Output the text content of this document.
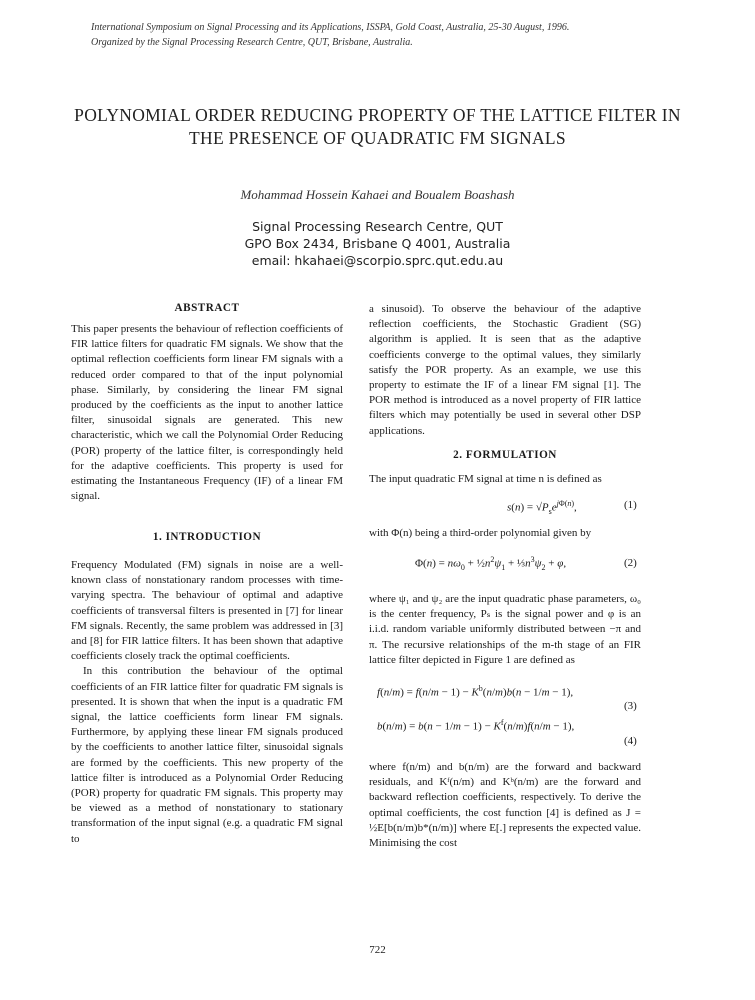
International Symposium on Signal Processing and its Applications, ISSPA, Gold Coast, Australia, 25-30 August, 1996.
Organized by the Signal Processing Research Centre, QUT, Brisbane, Australia.
POLYNOMIAL ORDER REDUCING PROPERTY OF THE LATTICE FILTER IN THE PRESENCE OF QUADRATIC FM SIGNALS
Mohammad Hossein Kahaei and Boualem Boashash
Signal Processing Research Centre, QUT
GPO Box 2434, Brisbane Q 4001, Australia
email: hkahaei@scorpio.sprc.qut.edu.au
ABSTRACT

This paper presents the behaviour of reflection coefficients of FIR lattice filters for quadratic FM signals. We show that the optimal reflection coefficients form linear FM signals with a reduced order compared to that of the input polynomial phase. Similarly, by considering the linear FM signal produced by the coefficients as the input to another lattice filter, sinusoidal signals are generated. This new characteristic, which we call the Polynomial Order Reducing (POR) property of the lattice filter, is correspondingly held for the adaptive coefficients. This property is used for estimating the Instantaneous Frequency (IF) of a linear FM signal.

1. INTRODUCTION

Frequency Modulated (FM) signals in noise are a well-known class of nonstationary random processes with time-varying spectra. The behaviour of optimal and adaptive coefficients of transversal filters is presented in [7] for linear FM signals. Recently, the same problem was addressed in [3] and [8] for FIR lattice filters. It has been shown that adaptive coefficients closely track the optimal coefficients.

In this contribution the behaviour of the optimal coefficients of an FIR lattice filter for quadratic FM signals is presented. It is shown that when the input is a quadratic FM signal, the lattice coefficients form linear FM signals. Furthermore, by applying these linear FM signals produced by the coefficients to another lattice filter, sinusoidal signals are formed by the coefficients. This new property of the lattice filter is introduced as a Polynomial Order Reducing (POR) property for quadratic FM signals. This property may be viewed as a method of nonstationary to stationary transformation of the input signal (e.g. a quadratic FM signal to

a sinusoid). To observe the behaviour of the adaptive reflection coefficients, the Stochastic Gradient (SG) algorithm is applied. It is seen that as the adaptive coefficients converge to the optimal values, they similarly satisfy the POR property. As an example, we use this property to estimate the IF of a linear FM signal [1]. The POR method is introduced as a novel property of FIR lattice filters which may potentially be used in several other DSP applications.

2. FORMULATION

The input quadratic FM signal at time n is defined as

$s(n) = √P_se^{j\Phi(n)}$,	(1)

with Φ(n) being a third-order polynomial given by

$\Phi(n) = n\omega_0$ + $\frac{1}{2}n^2\psi_1$ + $\frac{1}{3}n^3\psi_2 + \varphi$,	(2)

where ψ₁ and ψ₂ are the input quadratic phase parameters, ω₀ is the center frequency, Pₛ is the signal power and φ is an i.i.d. random variable uniformly distributed between −π and π. The recursive relationships of the m-th stage of an FIR lattice filter depicted in Figure 1 are defined as

$f(n/m) = f(n/m - 1) - K^b(n/m)b(n - 1/m - 1)$,
(3)
$b(n/m) = b(n - 1/m - 1) - K^f(n/m)f(n/m - 1)$,
(4)

where f(n/m) and b(n/m) are the forward and backward residuals, and Kᶠ(n/m) and Kᵇ(n/m) are the forward and backward reflection coefficients, respectively. To derive the optimal coefficients, the cost function [4] is defined as J = ½E[b(n/m)b*(n/m)] where E[.] represents the expected value. Minimising the cost

722
